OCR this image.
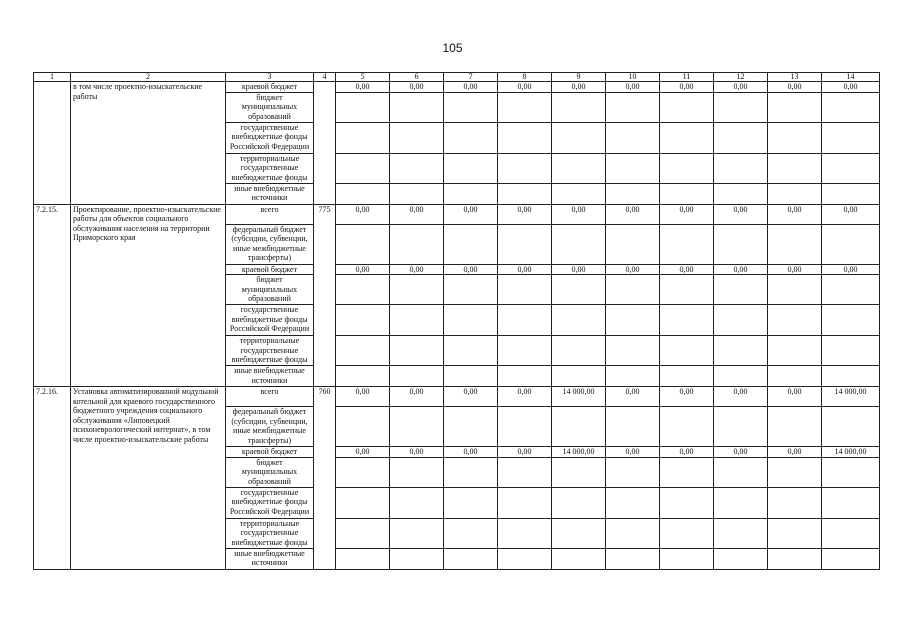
105
1	2	3	4	5	6	7	8	9	10	11	12	13	14
	в том числе проектно-изыскательские работы	краевой бюджет		0,00	0,00	0,00	0,00	0,00	0,00	0,00	0,00	0,00	0,00
		бюджет муниципальных образований											
		государственные внебюджетные фонды Российской Федерации											
		территориальные государственные внебюджетные фонды											
		иные внебюджетные источники											
7.2.15.	Проектирование, проектно-изыскательские работы для объектов социального обслуживания населения на территории Приморского края	всего	775	0,00	0,00	0,00	0,00	0,00	0,00	0,00	0,00	0,00	0,00
		федеральный бюджет (субсидии, субвенции, иные межбюджетные трансферты)											
		краевой бюджет		0,00	0,00	0,00	0,00	0,00	0,00	0,00	0,00	0,00	0,00
		бюджет муниципальных образований											
		государственные внебюджетные фонды Российской Федерации											
		территориальные государственные внебюджетные фонды											
		иные внебюджетные источники											
7.2.16.	Установка автоматизированной модульной котельной для краевого государственного бюджетного учреждения социального обслуживания «Липовецкий психоневрологический интернат», в том числе проектно-изыскательские работы	всего	760	0,00	0,00	0,00	0,00	14 000,00	0,00	0,00	0,00	0,00	14 000,00
		федеральный бюджет (субсидии, субвенции, иные межбюджетные трансферты)											
		краевой бюджет		0,00	0,00	0,00	0,00	14 000,00	0,00	0,00	0,00	0,00	14 000,00
		бюджет муниципальных образований											
		государственные внебюджетные фонды Российской Федерации											
		территориальные государственные внебюджетные фонды											
		иные внебюджетные источники											
